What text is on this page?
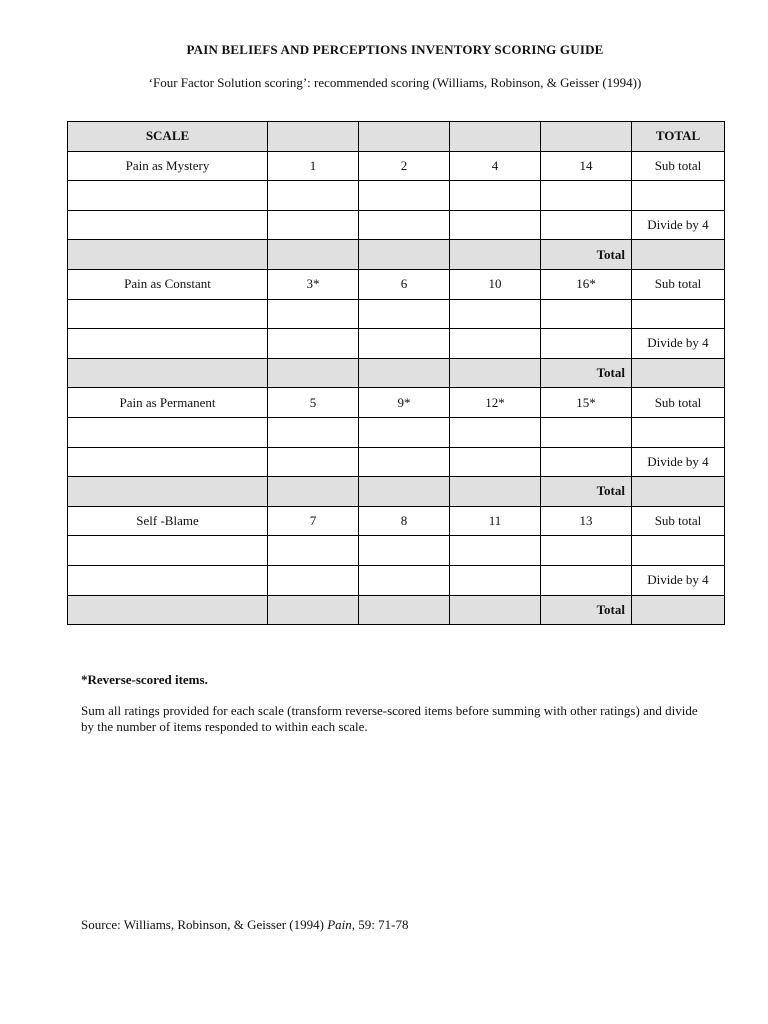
PAIN BELIEFS AND PERCEPTIONS INVENTORY SCORING GUIDE
‘Four Factor Solution scoring’: recommended scoring (Williams, Robinson, & Geisser (1994))
SCALE					TOTAL
Pain as Mystery	1	2	4	14	Sub total

					Divide by 4
				Total	
Pain as Constant	3*	6	10	16*	Sub total

					Divide by 4
				Total	
Pain as Permanent	5	9*	12*	15*	Sub total

					Divide by 4
				Total	
Self -Blame	7	8	11	13	Sub total

					Divide by 4
				Total	
*Reverse-scored items.
Sum all ratings provided for each scale (transform reverse-scored items before summing with other ratings) and divide by the number of items responded to within each scale.
Source: Williams, Robinson, & Geisser (1994) Pain, 59: 71-78
